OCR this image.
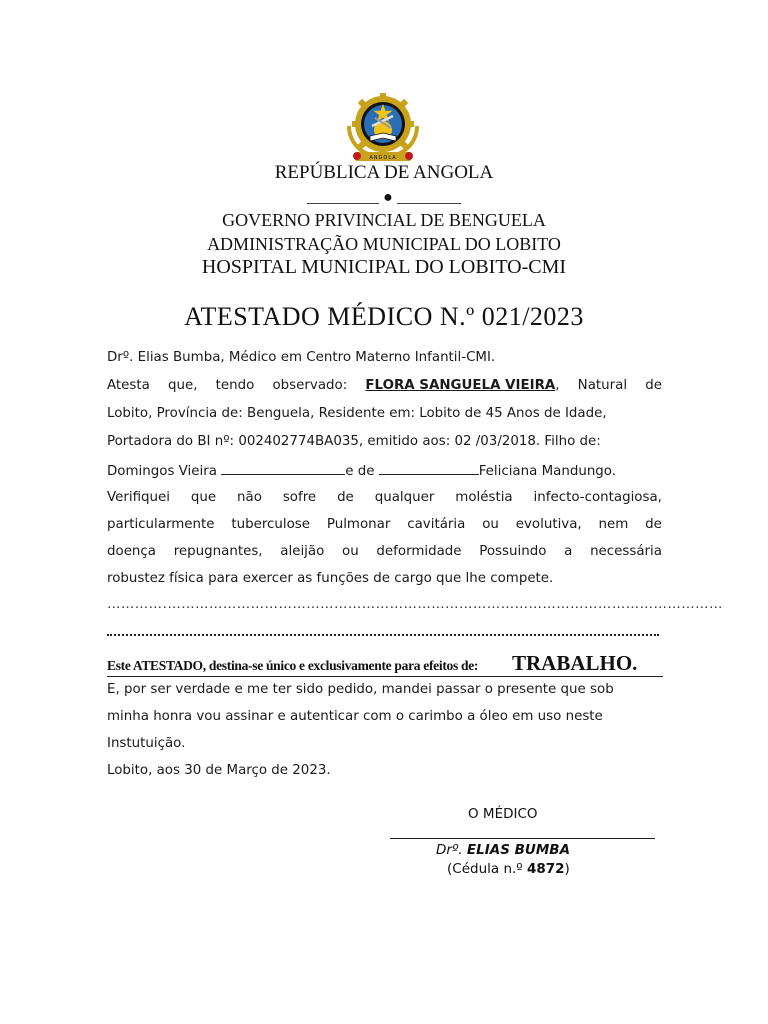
ANGOLA
REPÚBLICA DE ANGOLA
_________ ● ________
GOVERNO PRIVINCIAL DE BENGUELA
ADMINISTRAÇÃO MUNICIPAL DO LOBITO
HOSPITAL MUNICIPAL DO LOBITO-CMI
ATESTADO MÉDICO N.º 021/2023
Drº. Elias Bumba, Médico em Centro Materno Infantil-CMI.
Atesta que, tendo observado: FLORA SANGUELA VIEIRA, Natural de
Lobito, Província de: Benguela, Residente em: Lobito de 45 Anos de Idade,
Portadora do BI nº: 002402774BA035, emitido aos: 02 /03/2018. Filho de:
Domingos Vieira	e de	Feliciana Mandungo.
Verifiquei que não sofre de qualquer moléstia infecto-contagiosa,
particularmente tuberculose Pulmonar cavitária ou evolutiva, nem de
doença repugnantes, aleijão ou deformidade Possuindo a necessária
robustez física para exercer as funções de cargo que lhe compete.
………….…………………………………………………………………………………………………………
Este ATESTADO, destina-se único e exclusivamente para efeitos de: TRABALHO.
E, por ser verdade e me ter sido pedido, mandei passar o presente que sob
minha honra vou assinar e autenticar com o carimbo a óleo em uso neste
Instutuição.
Lobito, aos 30 de Março de 2023.
O MÉDICO
Drº. ELIAS BUMBA
(Cédula n.º 4872)
